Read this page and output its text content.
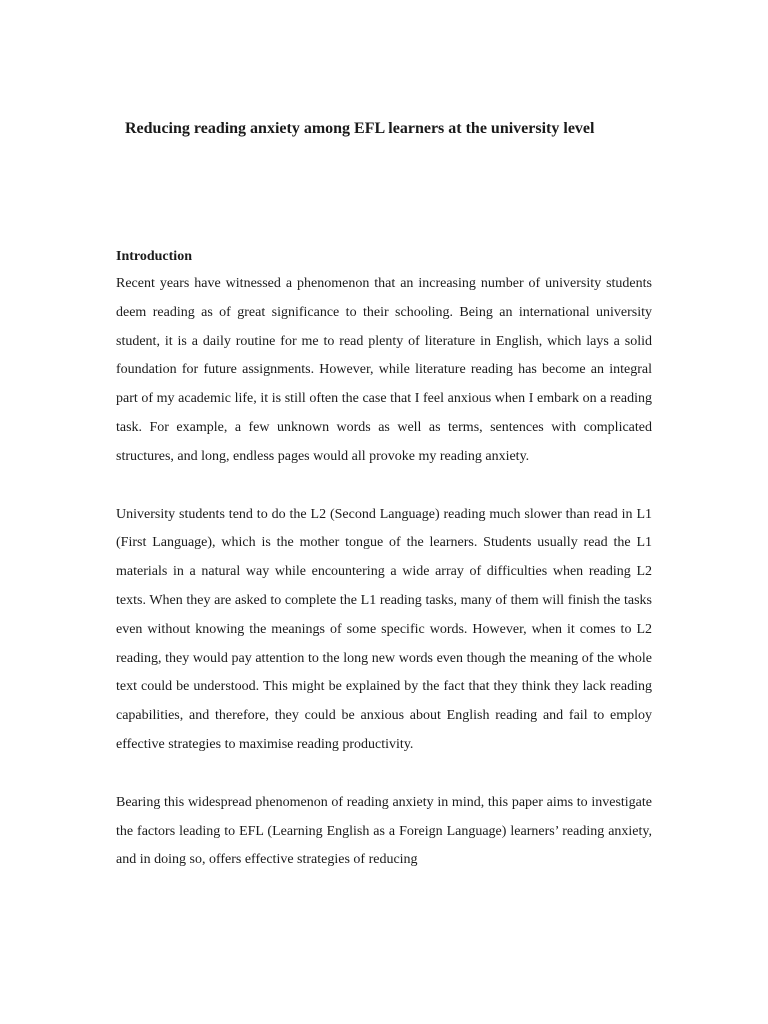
Reducing reading anxiety among EFL learners at the university level
Introduction

Recent years have witnessed a phenomenon that an increasing number of university students deem reading as of great significance to their schooling. Being an international university student, it is a daily routine for me to read plenty of literature in English, which lays a solid foundation for future assignments. However, while literature reading has become an integral part of my academic life, it is still often the case that I feel anxious when I embark on a reading task. For example, a few unknown words as well as terms, sentences with complicated structures, and long, endless pages would all provoke my reading anxiety.

University students tend to do the L2 (Second Language) reading much slower than read in L1 (First Language), which is the mother tongue of the learners. Students usually read the L1 materials in a natural way while encountering a wide array of difficulties when reading L2 texts. When they are asked to complete the L1 reading tasks, many of them will finish the tasks even without knowing the meanings of some specific words. However, when it comes to L2 reading, they would pay attention to the long new words even though the meaning of the whole text could be understood. This might be explained by the fact that they think they lack reading capabilities, and therefore, they could be anxious about English reading and fail to employ effective strategies to maximise reading productivity.

Bearing this widespread phenomenon of reading anxiety in mind, this paper aims to investigate the factors leading to EFL (Learning English as a Foreign Language) learners’ reading anxiety, and in doing so, offers effective strategies of reducing
